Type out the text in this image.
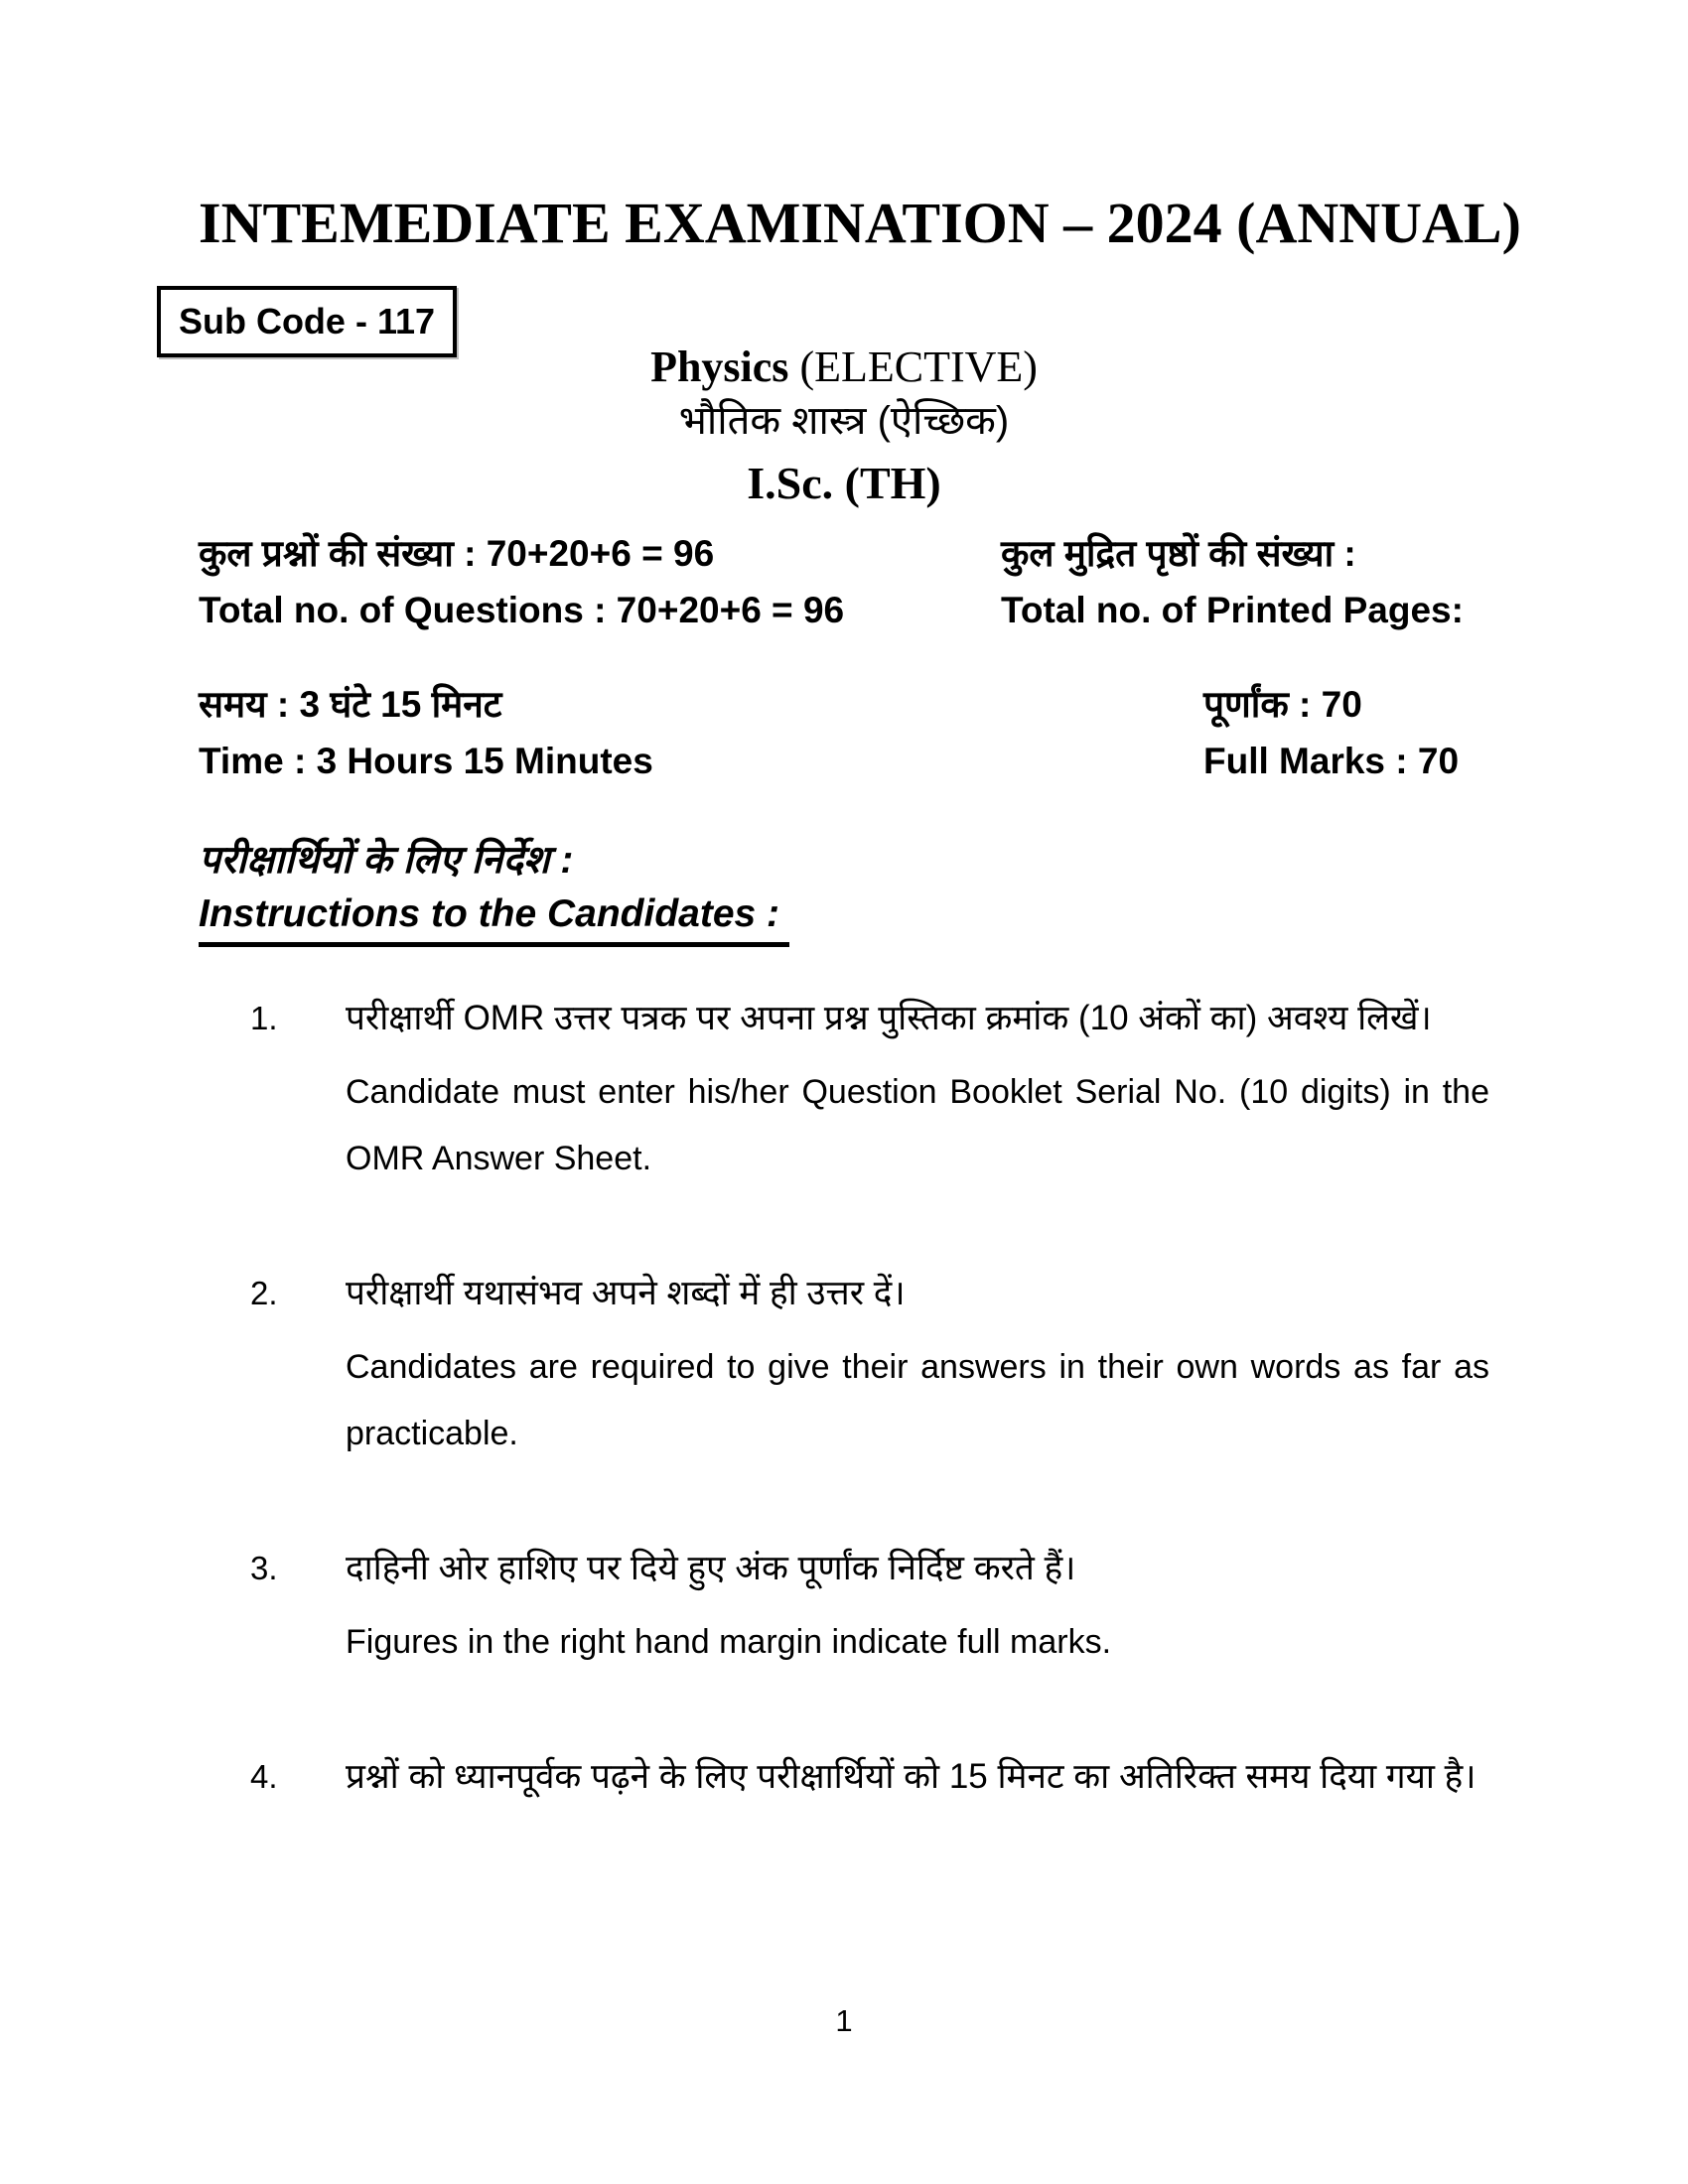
INTEMEDIATE EXAMINATION – 2024 (ANNUAL)
Sub Code - 117
Physics (ELECTIVE)
भौतिक शास्त्र (ऐच्छिक)
I.Sc. (TH)
कुल प्रश्नों की संख्या : 70+20+6 = 96
Total no. of Questions : 70+20+6 = 96
कुल मुद्रित पृष्ठों की संख्या :
Total no. of Printed Pages:
समय : 3 घंटे 15 मिनट
Time : 3 Hours 15 Minutes
पूर्णांक : 70
Full Marks : 70
परीक्षार्थियों के लिए निर्देश :
Instructions to the Candidates :
1.	परीक्षार्थी OMR उत्तर पत्रक पर अपना प्रश्न पुस्तिका क्रमांक (10 अंकों का) अवश्य लिखें।

Candidate must enter his/her Question Booklet Serial No. (10 digits) in the OMR Answer Sheet.

2.	परीक्षार्थी यथासंभव अपने शब्दों में ही उत्तर दें।

Candidates are required to give their answers in their own words as far as practicable.

3.	दाहिनी ओर हाशिए पर दिये हुए अंक पूर्णांक निर्दिष्ट करते हैं।

Figures in the right hand margin indicate full marks.

4.	प्रश्नों को ध्यानपूर्वक पढ़ने के लिए परीक्षार्थियों को 15 मिनट का अतिरिक्त समय दिया गया है।

1
